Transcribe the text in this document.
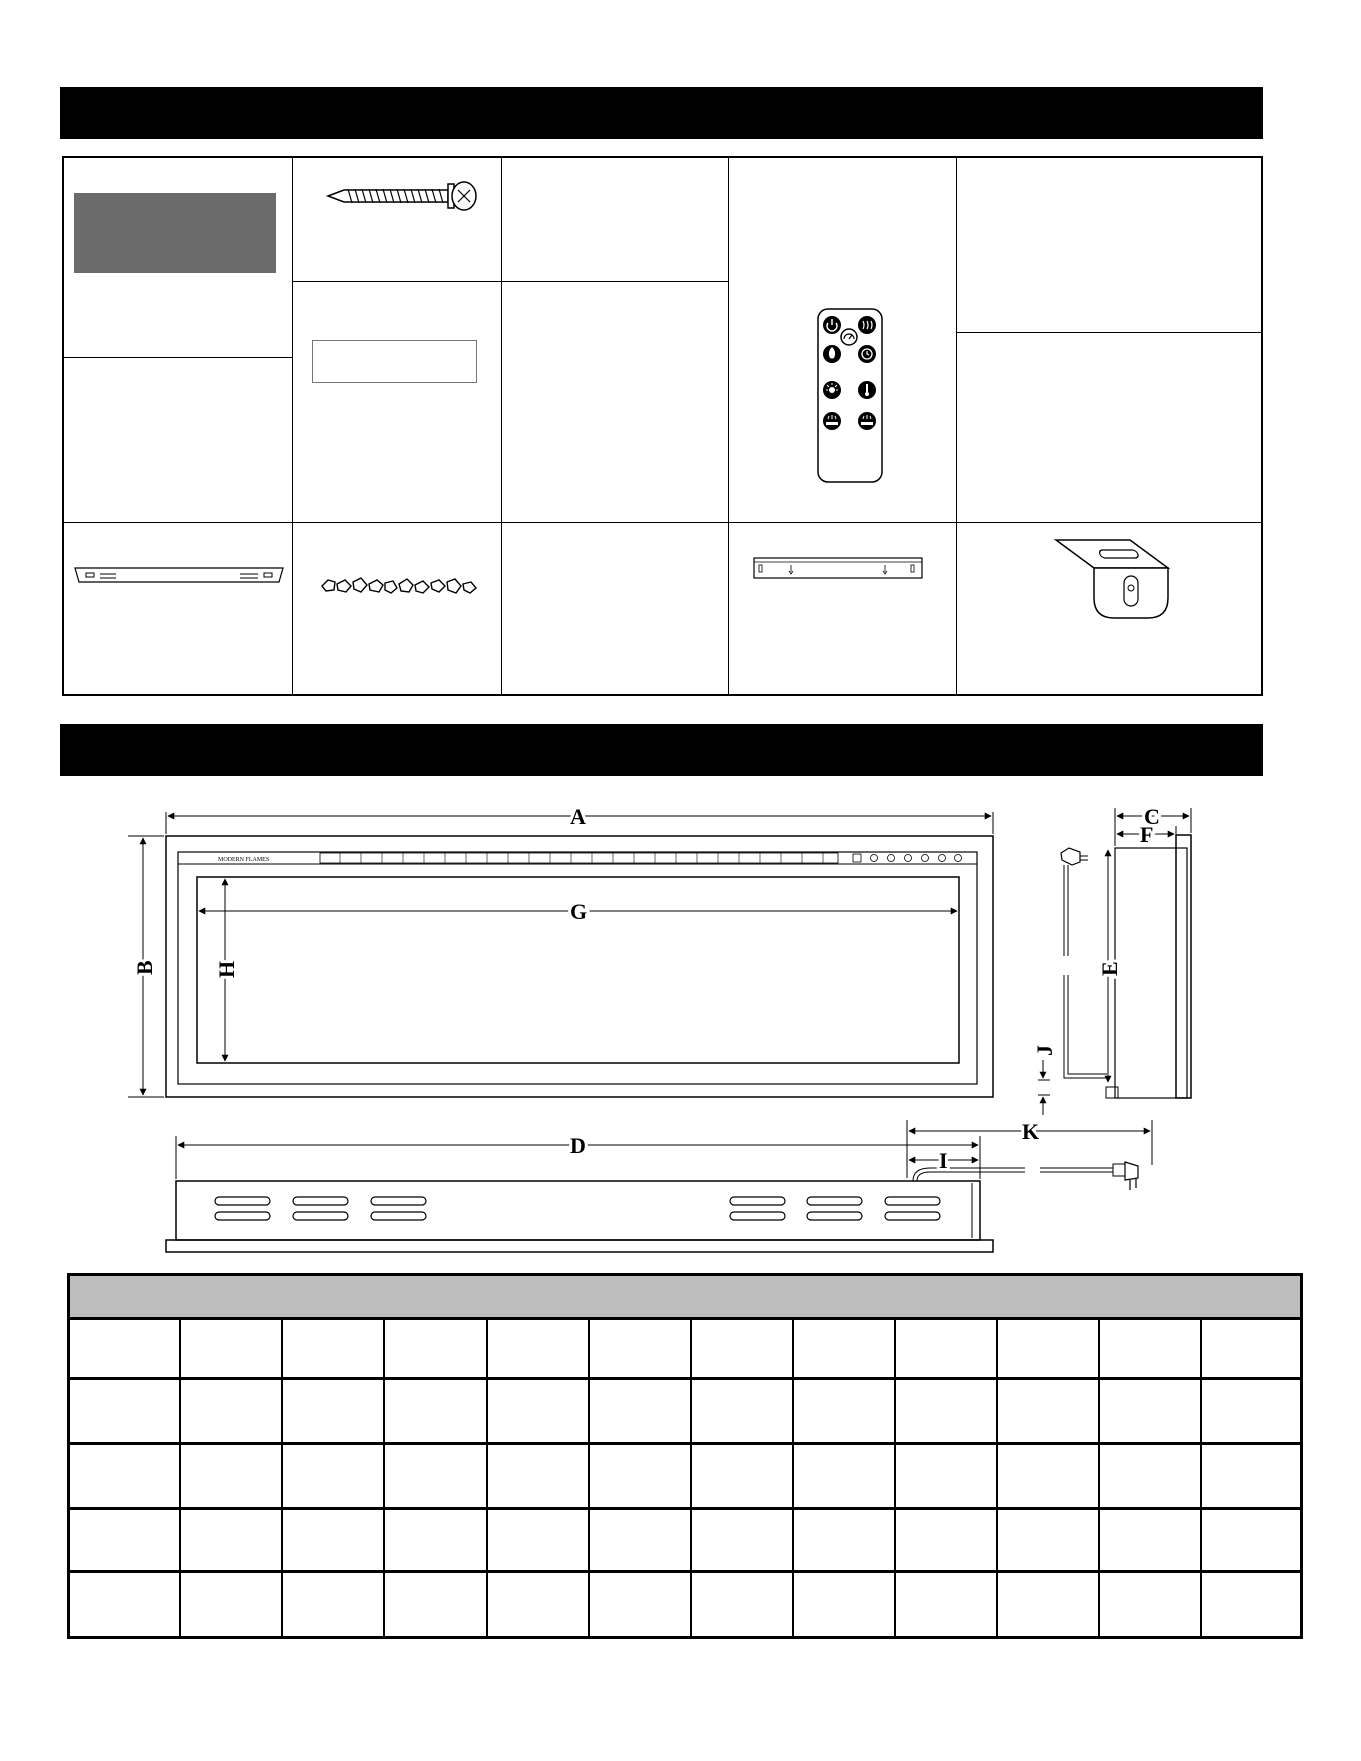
MODERN FLAMES
A
B
G
H
C
F
E
J
D
K
I
